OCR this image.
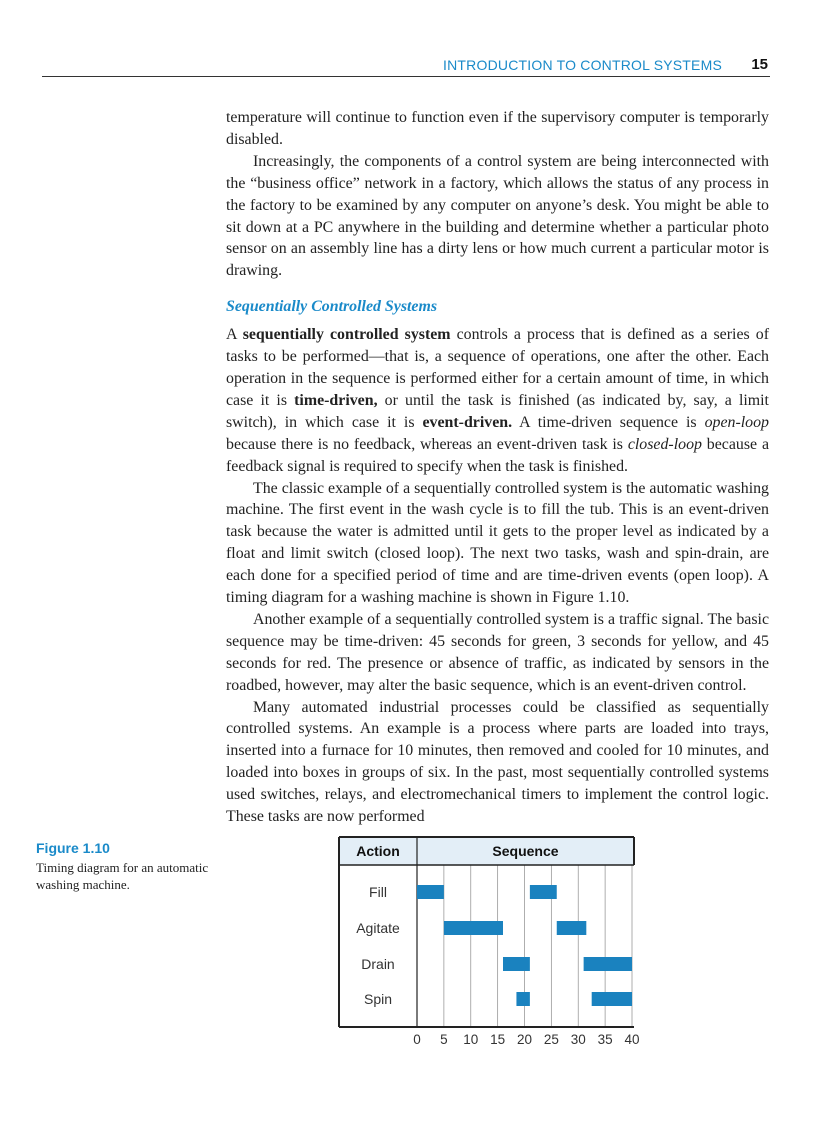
INTRODUCTION TO CONTROL SYSTEMS 15

temperature will continue to function even if the supervisory computer is temporarly disabled.

Increasingly, the components of a control system are being interconnected with the “business office” network in a factory, which allows the status of any process in the factory to be examined by any computer on anyone’s desk. You might be able to sit down at a PC anywhere in the building and determine whether a particular photo sensor on an assembly line has a dirty lens or how much current a particular motor is drawing.

Sequentially Controlled Systems

A sequentially controlled system controls a process that is defined as a series of tasks to be performed—that is, a sequence of operations, one after the other. Each operation in the sequence is performed either for a certain amount of time, in which case it is time-driven, or until the task is finished (as indicated by, say, a limit switch), in which case it is event-driven. A time-driven sequence is open-loop because there is no feedback, whereas an event-driven task is closed-loop because a feedback signal is required to specify when the task is finished.

The classic example of a sequentially controlled system is the automatic washing machine. The first event in the wash cycle is to fill the tub. This is an event-driven task because the water is admitted until it gets to the proper level as indicated by a float and limit switch (closed loop). The next two tasks, wash and spin-drain, are each done for a specified period of time and are time-driven events (open loop). A timing diagram for a washing machine is shown in Figure 1.10.

Another example of a sequentially controlled system is a traffic signal. The basic sequence may be time-driven: 45 seconds for green, 3 seconds for yellow, and 45 seconds for red. The presence or absence of traffic, as indicated by sensors in the roadbed, however, may alter the basic sequence, which is an event-driven control.

Many automated industrial processes could be classified as sequentially controlled systems. An example is a process where parts are loaded into trays, inserted into a furnace for 10 minutes, then removed and cooled for 10 minutes, and loaded into boxes in groups of six. In the past, most sequentially controlled systems used switches, relays, and electromechanical timers to implement the control logic. These tasks are now performed

Figure 1.10
Timing diagram for an automatic washing machine.
Action	Sequence
Fill
Agitate
Drain
Spin
0 5 10 15 20 25 30 35 40
